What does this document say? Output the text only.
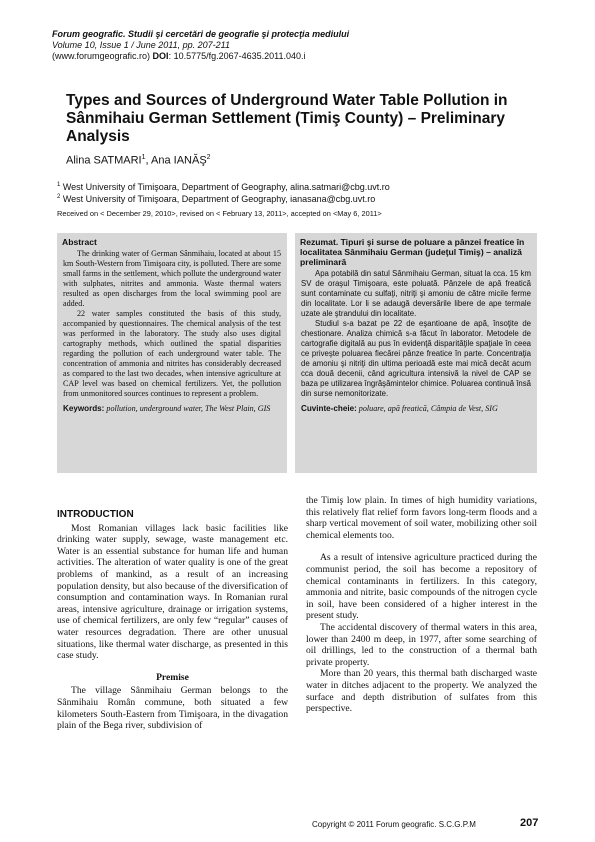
Forum geografic. Studii şi cercetări de geografie şi protecţia mediului
Volume 10, Issue 1 / June 2011, pp. 207-211
(www.forumgeografic.ro) DOI: 10.5775/fg.2067-4635.2011.040.i
Types and Sources of Underground Water Table Pollution in Sânmihaiu German Settlement (Timiş County) – Preliminary Analysis
Alina SATMARI$^1$, Ana IANĂŞ$^2$
$^1$ West University of Timişoara, Department of Geography, alina.satmari@cbg.uvt.ro
$^2$ West University of Timişoara, Department of Geography, ianasana@cbg.uvt.ro
Received on < December 29, 2010>, revised on < February 13, 2011>, accepted on <May 6, 2011>
Abstract

The drinking water of German Sânmihaiu, located at about 15 km South-Western from Timişoara city, is polluted. There are some small farms in the settlement, which pollute the underground water with sulphates, nitrites and ammonia. Waste thermal waters resulted as open discharges from the local swimming pool are added.

22 water samples constituted the basis of this study, accompanied by questionnaires. The chemical analysis of the test was performed in the laboratory. The study also uses digital cartography methods, which outlined the spatial disparities regarding the pollution of each underground water table. The concentration of ammonia and nitrites has considerably decreased as compared to the last two decades, when intensive agriculture at CAP level was based on chemical fertilizers. Yet, the pollution from unmonitored sources continues to represent a problem.

Keywords: pollution, underground water, The West Plain, GIS
Rezumat. Tipuri şi surse de poluare a pânzei freatice în localitatea Sânmihaiu German (judeţul Timiş) – analiză preliminară

Apa potabilă din satul Sânmihaiu German, situat la cca. 15 km SV de oraşul Timişoara, este poluată. Pânzele de apă freatică sunt contaminate cu sulfaţi, nitriţi şi amoniu de către micile ferme din localitate. Lor li se adaugă deversările libere de ape termale uzate ale ştrandului din localitate.

Studiul s-a bazat pe 22 de eşantioane de apă, însoţite de chestionare. Analiza chimică s-a făcut în laborator. Metodele de cartografie digitală au pus în evidenţă disparităţile spaţiale în ceea ce priveşte poluarea fiecărei pânze freatice în parte. Concentraţia de amoniu şi nitriţi din ultima perioadă este mai mică decât acum cca două decenii, când agricultura intensivă la nivel de CAP se baza pe utilizarea îngrăşămintelor chimice. Poluarea continuă însă din surse nemonitorizate.

Cuvinte-cheie: poluare, apă freatică, Câmpia de Vest, SIG
INTRODUCTION

Most Romanian villages lack basic facilities like drinking water supply, sewage, waste management etc. Water is an essential substance for human life and human activities. The alteration of water quality is one of the great problems of mankind, as a result of an increasing population density, but also because of the diversification of consumption and contamination ways. In Romanian rural areas, intensive agriculture, drainage or irrigation systems, use of chemical fertilizers, are only few “regular” causes of water resources degradation. There are other unusual situations, like thermal water discharge, as presented in this case study.

Premise

The village Sânmihaiu German belongs to the Sânmihaiu Român commune, both situated a few kilometers South-Eastern from Timişoara, in the divagation plain of the Bega river, subdivision of

the Timiş low plain. In times of high humidity variations, this relatively flat relief form favors long-term floods and a sharp vertical movement of soil water, mobilizing other soil chemical elements too.

As a result of intensive agriculture practiced during the communist period, the soil has become a repository of chemical contaminants in fertilizers. In this category, ammonia and nitrite, basic compounds of the nitrogen cycle in soil, have been considered of a higher interest in the present study.

The accidental discovery of thermal waters in this area, lower than 2400 m deep, in 1977, after some searching of oil drillings, led to the construction of a thermal bath private property.

More than 20 years, this thermal bath discharged waste water in ditches adjacent to the property. We analyzed the surface and depth distribution of sulfates from this perspective.

Copyright © 2011 Forum geografic. S.C.G.P.M	207
